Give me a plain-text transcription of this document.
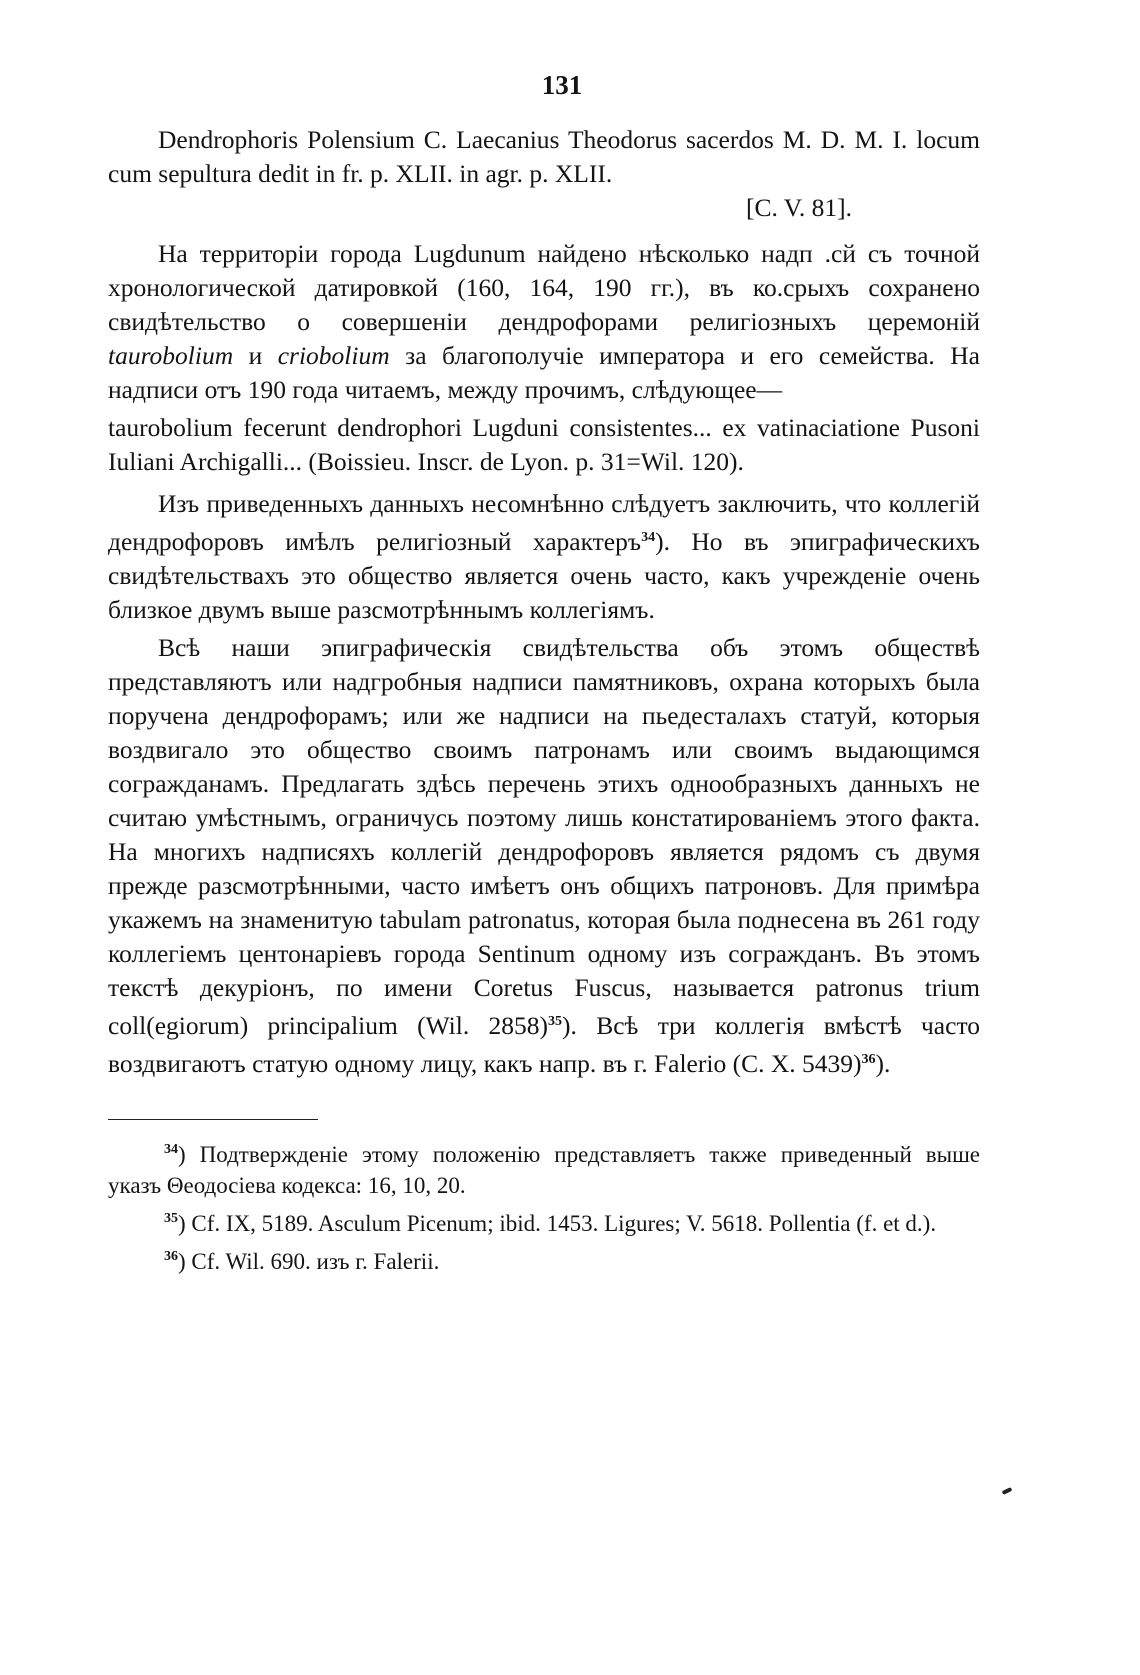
131

Dendrophoris Polensium C. Laecanius Theodorus sacerdos M. D. M. I. locum cum sepultura dedit in fr. p. XLII. in agr. p. XLII.

[C. V. 81].

На территоріи города Lugdunum найдено нѣсколько надп .сй съ точной хронологической датировкой (160, 164, 190 гг.), въ ко.срыхъ сохранено свидѣтельство о совершеніи дендрофорами религіозныхъ церемоній taurobolium и criobolium за благополучіе императора и его семейства. На надписи отъ 190 года читаемъ, между прочимъ, слѣдующее—

taurobolium fecerunt dendrophori Lugduni consistentes... ex vatinaciatione Pusoni Iuliani Archigalli... (Boissieu. Inscr. de Lyon. p. 31=Wil. 120).

Изъ приведенныхъ данныхъ несомнѣнно слѣдуетъ заключить, что коллегій дендрофоровъ имѣлъ религіозный характеръ$^{34}$). Но въ эпиграфическихъ свидѣтельствахъ это общество является очень часто, какъ учрежденіе очень близкое двумъ выше разсмотрѣннымъ коллегіямъ.

Всѣ наши эпиграфическія свидѣтельства объ этомъ обществѣ представляютъ или надгробныя надписи памятниковъ, охрана которыхъ была поручена дендрофорамъ; или же надписи на пьедесталахъ статуй, которыя воздвигало это общество своимъ патронамъ или своимъ выдающимся согражданамъ. Предлагать здѣсь перечень этихъ однообразныхъ данныхъ не считаю умѣстнымъ, ограничусь поэтому лишь констатированіемъ этого факта. На многихъ надписяхъ коллегій дендрофоровъ является рядомъ съ двумя прежде разсмотрѣнными, часто имѣетъ онъ общихъ патроновъ. Для примѣра укажемъ на знаменитую tabulam patronatus, которая была поднесена въ 261 году коллегіемъ центонаріевъ города Sentinum одному изъ согражданъ. Въ этомъ текстѣ декуріонъ, по имени Coretus Fuscus, называется patronus trium coll(egiorum) principalium (Wil. 2858)$^{35}$). Всѣ три коллегія вмѣстѣ часто воздвигаютъ статую одному лицу, какъ напр. въ г. Falerio (C. X. 5439)$^{36}$).

$^{34}$) Подтвержденіе этому положенію представляетъ также приведенный выше указъ Θеодосіева кодекса: 16, 10, 20.

$^{35}$) Cf. IX, 5189. Asculum Picenum; ibid. 1453. Ligures; V. 5618. Pollentia (f. et d.).

$^{36}$) Cf. Wil. 690. изъ г. Falerii.
